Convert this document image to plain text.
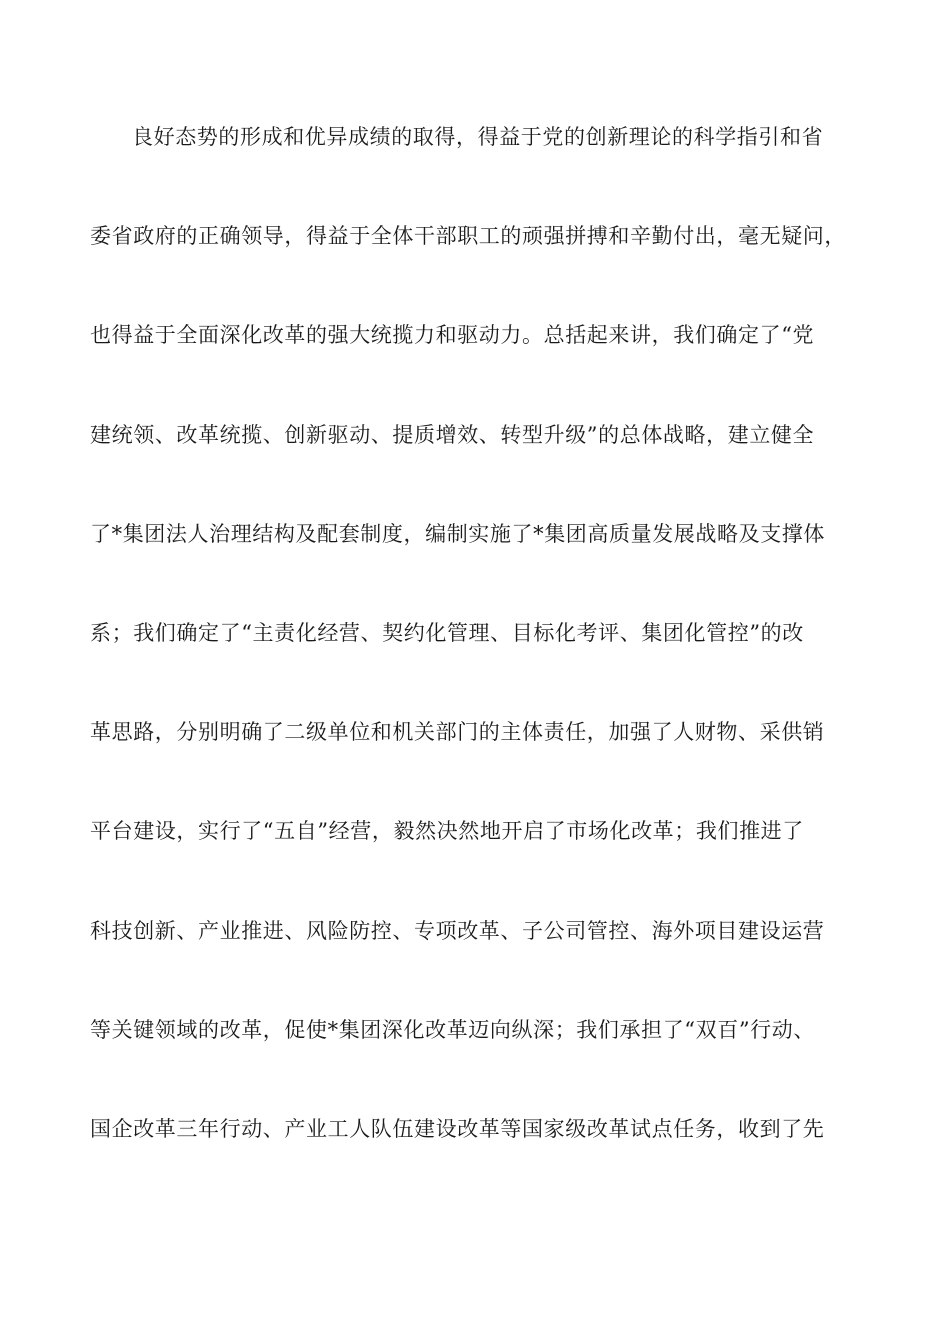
良好态势的形成和优异成绩的取得，得益于党的创新理论的科学指引和省
委省政府的正确领导，得益于全体干部职工的顽强拼搏和辛勤付出，毫无疑问，
也得益于全面深化改革的强大统揽力和驱动力。总括起来讲，我们确定了“党
建统领、改革统揽、创新驱动、提质增效、转型升级”的总体战略，建立健全
了*集团法人治理结构及配套制度，编制实施了*集团高质量发展战略及支撑体
系；我们确定了“主责化经营、契约化管理、目标化考评、集团化管控”的改
革思路，分别明确了二级单位和机关部门的主体责任，加强了人财物、采供销
平台建设，实行了“五自”经营，毅然决然地开启了市场化改革；我们推进了
科技创新、产业推进、风险防控、专项改革、子公司管控、海外项目建设运营
等关键领域的改革，促使*集团深化改革迈向纵深；我们承担了“双百”行动、
国企改革三年行动、产业工人队伍建设改革等国家级改革试点任务，收到了先
